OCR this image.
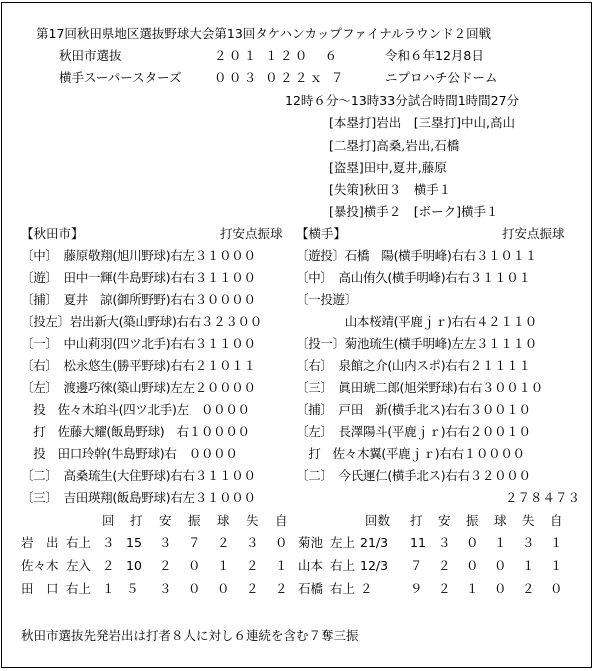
第17回秋田県地区選抜野球大会第13回タケハンカップファイナルラウンド２回戦
秋田市選抜	２０１ １２０　６	令和６年12月8日
横手スーパースターズ	００３ ０２２ｘ ７	ニプロハチ公ドーム
12時６分～13時33分試合時間1時間27分
[本塁打]岩出　[三塁打]中山,高山
[二塁打]高桑,岩出,石橋
[盗塁]田中,夏井,藤原
[失策]秋田３　横手１
[暴投]横手２　[ボーク]横手１
【秋田市】	打安点振球 【横手】	打安点振球
〔中〕　藤原敬翔(旭川野球)右左３１０００	〔遊投〕石橋　陽(横手明峰)右右３１０１１
〔遊〕　田中一輝(牛島野球)右右３１１００	〔中〕　高山侑久(横手明峰)右右３１１０１
〔捕〕　夏井　諒(御所野野)右右３００００	〔一投遊〕
〔投左〕岩出新大(築山野球)右右３２３００	　　　　山本桜靖(平鹿ｊｒ)右右４２１１０
〔一〕　中山莉羽(四ツ北手)右右３１１００	〔投一〕菊池琉生(横手明峰)左左３１１１０
〔右〕　松永悠生(勝平野球)右右２１０１１	〔右〕　泉館之介(山内スポ)右右２１１１１
〔左〕　渡邊巧徠(築山野球)左左２００００	〔三〕　眞田琥二郎(旭栄野球)右右３００１０
　投　佐々木珀斗(四ツ北手)左　００００	〔捕〕　戸田　新(横手北ス)右右３００１０
　打　佐藤大耀(飯島野球)　右１００００	〔左〕　長澤陽斗(平鹿ｊｒ)右右２００１０
　投　田口玲幹(牛島野球)右　００００	　打　佐々木翼(平鹿ｊｒ)右右１００００
〔二〕　高桑琉生(大住野球)右右３１１００	〔二〕　今氏運仁(横手北ス)右右３２０００
〔三〕　吉田瑛翔(飯島野球)右左３１０００	２７８４７３
回 打 安 振 球 失 自	回数 打 安 振 球 失 自
岩　出 右上 ３ 15 ３ ７ ２ ３ ０ 菊池 左上 21/3 11 ３ ０ １ ３ １
佐々木 左入 ２ 10 ２ ０ １ ２ １ 山本 右上 12/3 ７ ２ ０ ０ １ １
田　口 右上 １ ５ ３ ０ ０ ２ ２ 石橋 右上 ２	９ ２ １ ０ ２ ０
秋田市選抜先発岩出は打者８人に対し６連続を含む７奪三振
